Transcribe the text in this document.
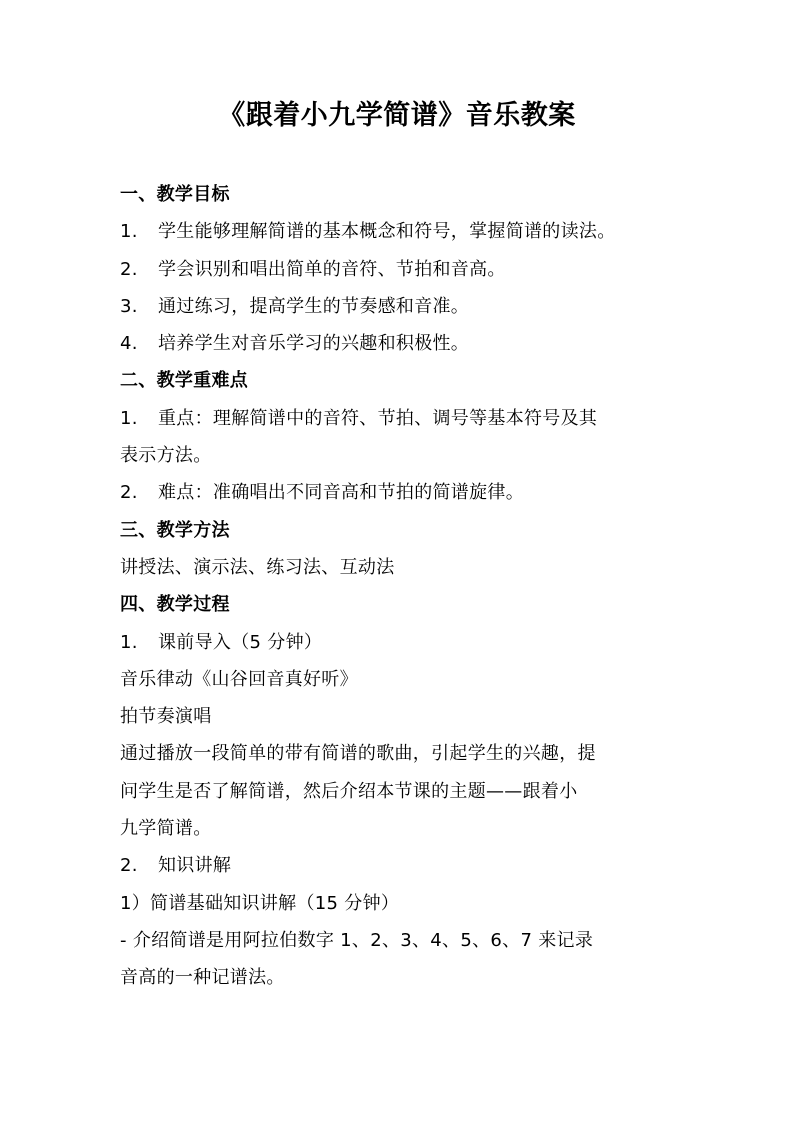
《跟着小九学简谱》音乐教案
一、教学目标
1. 学生能够理解简谱的基本概念和符号，掌握简谱的读法。
2. 学会识别和唱出简单的音符、节拍和音高。
3. 通过练习，提高学生的节奏感和音准。
4. 培养学生对音乐学习的兴趣和积极性。
二、教学重难点
1. 重点：理解简谱中的音符、节拍、调号等基本符号及其
表示方法。
2. 难点：准确唱出不同音高和节拍的简谱旋律。
三、教学方法
讲授法、演示法、练习法、互动法
四、教学过程
1. 课前导入（5 分钟）
音乐律动《山谷回音真好听》
拍节奏演唱
通过播放一段简单的带有简谱的歌曲，引起学生的兴趣，提
问学生是否了解简谱，然后介绍本节课的主题——跟着小
九学简谱。
2. 知识讲解
1）简谱基础知识讲解（15 分钟）
- 介绍简谱是用阿拉伯数字 1、2、3、4、5、6、7 来记录
音高的一种记谱法。
